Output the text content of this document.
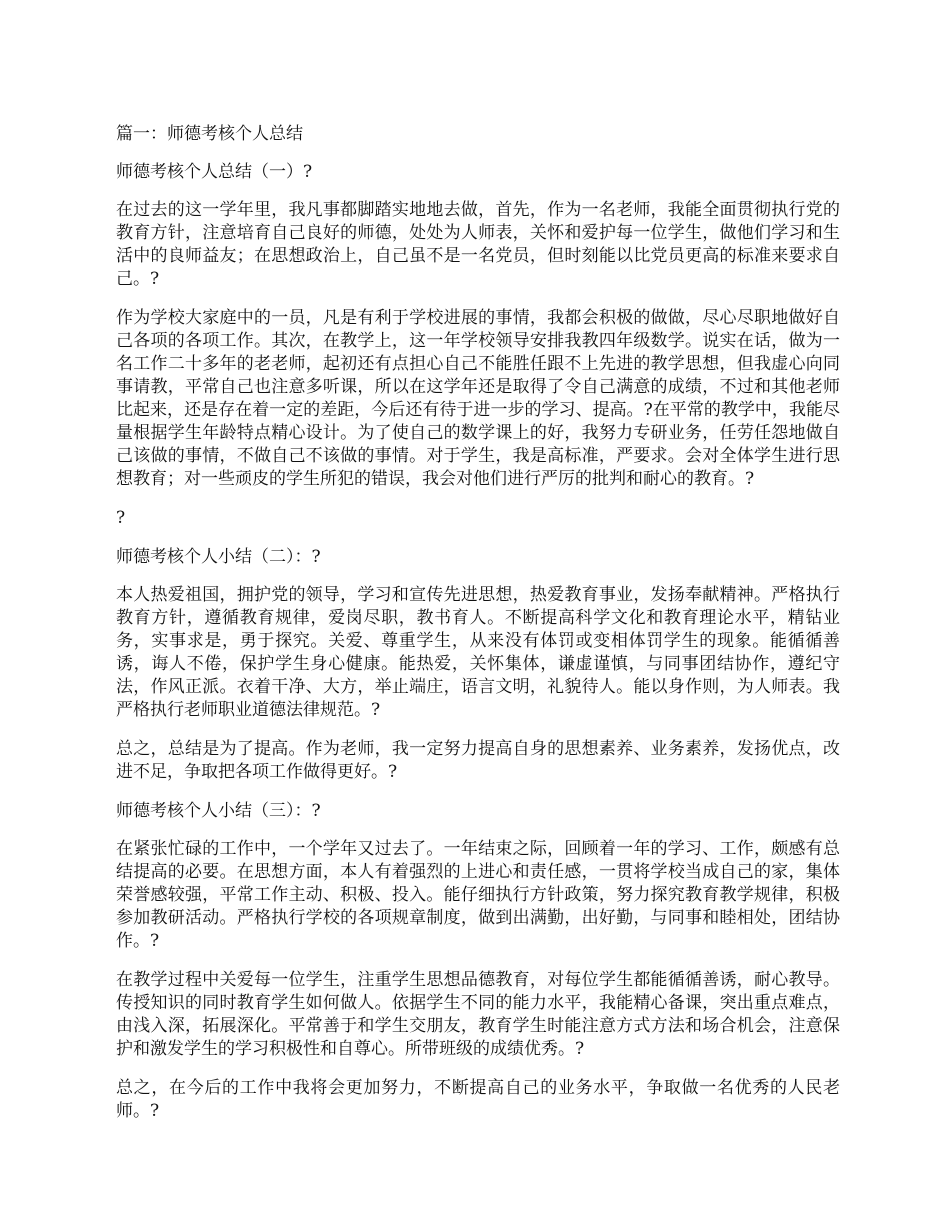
篇一：师德考核个人总结

师德考核个人总结（一）?

在过去的这一学年里，我凡事都脚踏实地地去做，首先，作为一名老师，我能全面贯彻执行党的教育方针，注意培育自己良好的师德，处处为人师表，关怀和爱护每一位学生，做他们学习和生活中的良师益友；在思想政治上，自己虽不是一名党员，但时刻能以比党员更高的标准来要求自己。?

作为学校大家庭中的一员，凡是有利于学校进展的事情，我都会积极的做做，尽心尽职地做好自己各项的各项工作。其次，在教学上，这一年学校领导安排我教四年级数学。说实在话，做为一名工作二十多年的老老师，起初还有点担心自己不能胜任跟不上先进的教学思想，但我虚心向同事请教，平常自己也注意多听课，所以在这学年还是取得了令自己满意的成绩，不过和其他老师比起来，还是存在着一定的差距，今后还有待于进一步的学习、提高。?在平常的教学中，我能尽量根据学生年龄特点精心设计。为了使自己的数学课上的好，我努力专研业务，任劳任怨地做自己该做的事情，不做自己不该做的事情。对于学生，我是高标准，严要求。会对全体学生进行思想教育；对一些顽皮的学生所犯的错误，我会对他们进行严厉的批判和耐心的教育。?

?

师德考核个人小结（二）：?

本人热爱祖国，拥护党的领导，学习和宣传先进思想，热爱教育事业，发扬奉献精神。严格执行教育方针，遵循教育规律，爱岗尽职，教书育人。不断提高科学文化和教育理论水平，精钻业务，实事求是，勇于探究。关爱、尊重学生，从来没有体罚或变相体罚学生的现象。能循循善诱，诲人不倦，保护学生身心健康。能热爱，关怀集体，谦虚谨慎，与同事团结协作，遵纪守法，作风正派。衣着干净、大方，举止端庄，语言文明，礼貌待人。能以身作则，为人师表。我严格执行老师职业道德法律规范。?

总之，总结是为了提高。作为老师，我一定努力提高自身的思想素养、业务素养，发扬优点，改进不足，争取把各项工作做得更好。?

师德考核个人小结（三）：?

在紧张忙碌的工作中，一个学年又过去了。一年结束之际，回顾着一年的学习、工作，颇感有总结提高的必要。在思想方面，本人有着强烈的上进心和责任感，一贯将学校当成自己的家，集体荣誉感较强，平常工作主动、积极、投入。能仔细执行方针政策，努力探究教育教学规律，积极参加教研活动。严格执行学校的各项规章制度，做到出满勤，出好勤，与同事和睦相处，团结协作。?

在教学过程中关爱每一位学生，注重学生思想品德教育，对每位学生都能循循善诱，耐心教导。传授知识的同时教育学生如何做人。依据学生不同的能力水平，我能精心备课，突出重点难点，由浅入深，拓展深化。平常善于和学生交朋友，教育学生时能注意方式方法和场合机会，注意保护和激发学生的学习积极性和自尊心。所带班级的成绩优秀。?

总之，在今后的工作中我将会更加努力，不断提高自己的业务水平，争取做一名优秀的人民老师。?
